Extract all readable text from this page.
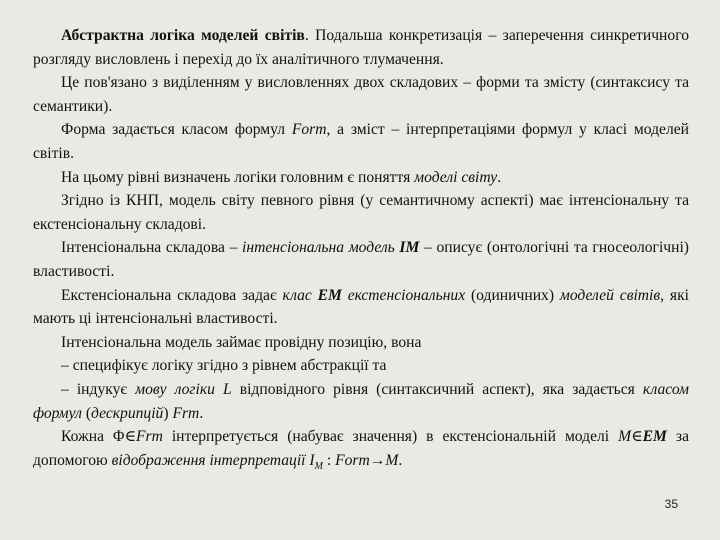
Абстрактна логіка моделей світів. Подальша конкретизація – заперечення синкретичного розгляду висловлень і перехід до їх аналітичного тлумачення.

Це пов'язано з виділенням у висловленнях двох складових – форми та змісту (синтаксису та семантики).

Форма задається класом формул Form, а зміст – інтерпретаціями формул у класі моделей світів.

На цьому рівні визначень логіки головним є поняття моделі світу.

Згідно із КНП, модель світу певного рівня (у семантичному аспекті) має інтенсіональну та екстенсіональну складові.

Інтенсіональна складова – інтенсіональна модель IM – описує (онтологічні та гносеологічні) властивості.

Екстенсіональна складова задає клас EM екстенсіональних (одиничних) моделей світів, які мають ці інтенсіональні властивості.

Інтенсіональна модель займає провідну позицію, вона

– специфікує логіку згідно з рівнем абстракції та

– індукує мову логіки L відповідного рівня (синтаксичний аспект), яка задається класом формул (дескрипцій) Frm.

Кожна Φ∈Frm інтерпретується (набуває значення) в екстенсіональній моделі M∈EM за допомогою відображення інтерпретації $I_M$ : Form→M.

35
